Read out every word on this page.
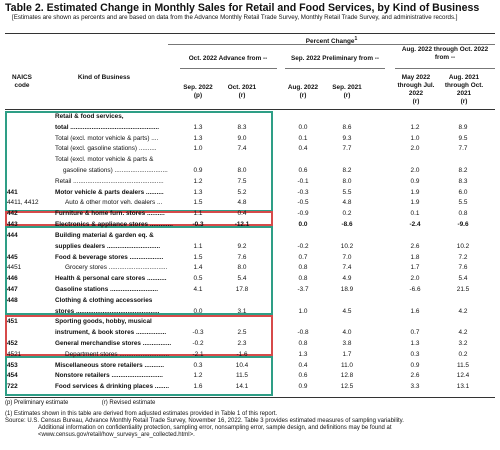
Table 2. Estimated Change in Monthly Sales for Retail and Food Services, by Kind of Business
[Estimates are shown as percents and are based on data from the Advance Monthly Retail Trade Survey, Monthly Retail Trade Survey, and administrative records.]
Percent Change$^1$
NAICS code
Kind of Business
Oct. 2022 Advance from --	Sep. 2022 Preliminary from --
Aug. 2022 through Oct. 2022 from --
Sep. 2022
(p)
Oct. 2021
(r)
Aug. 2022
(r)
Sep. 2021
(r)
May 2022 through Jul. 2022
(r)
Aug. 2021 through Oct. 2021
(r)
Retail & food services,
total ..................................................	1.3	8.3	0.0	8.6	1.2	8.9
Total (excl. motor vehicle & parts) ....	1.3	9.0	0.1	9.3	1.0	9.5
Total (excl. gasoline stations) ..........	1.0	7.4	0.4	7.7	2.0	7.7
Total (excl. motor vehicle & parts &
gasoline stations) ..............................	0.9	8.0	0.6	8.2	2.0	8.2
Retail ...................................................	1.2	7.5	-0.1	8.0	0.9	8.3
441	Motor vehicle & parts dealers ..........	1.3	5.2	-0.3	5.5	1.9	6.0
4411, 4412	Auto & other motor veh. dealers ...	1.5	4.8	-0.5	4.8	1.9	5.5
442	Furniture & home furn. stores ..........	1.1	0.4	-0.9	0.2	0.1	0.8
443	Electronics & appliance stores .............	-0.3	-12.1	0.0	-8.6	-2.4	-9.6
444	Building material & garden eq. &
supplies dealers ..............................	1.1	9.2	-0.2	10.2	2.6	10.2
445	Food & beverage stores ...................	1.5	7.6	0.7	7.0	1.8	7.2
4451	Grocery stores .................................	1.4	8.0	0.8	7.4	1.7	7.6
446	Health & personal care stores ...........	0.5	5.4	0.8	4.9	2.0	5.4
447	Gasoline stations ...........................	4.1	17.8	-3.7	18.9	-6.6	21.5
448	Clothing & clothing accessories
stores ...............................................	0.0	3.1	1.0	4.5	1.6	4.2
451	Sporting goods, hobby, musical
instrument, & book stores .................	-0.3	2.5	-0.8	4.0	0.7	4.2
452	General merchandise stores ................	-0.2	2.3	0.8	3.8	1.3	3.2
4521	Department stores ............................	-2.1	-1.6	1.3	1.7	0.3	0.2
453	Miscellaneous store retailers ...........	0.3	10.4	0.4	11.0	0.9	11.5
454	Nonstore retailers .............................	1.2	11.5	0.6	12.8	2.6	12.4
722	Food services & drinking places ........	1.6	14.1	0.9	12.5	3.3	13.1
(p) Preliminary estimate	(r) Revised estimate
(1) Estimates shown in this table are derived from adjusted estimates provided in Table 1 of this report.
Source: U.S. Census Bureau, Advance Monthly Retail Trade Survey, November 16, 2022. Table 3 provides estimated measures of sampling variability.
Additional information on confidentiality protection, sampling error, nonsampling error, sample design, and definitions may be found at
<www.census.gov/retail/how_surveys_are_collected.html>.
